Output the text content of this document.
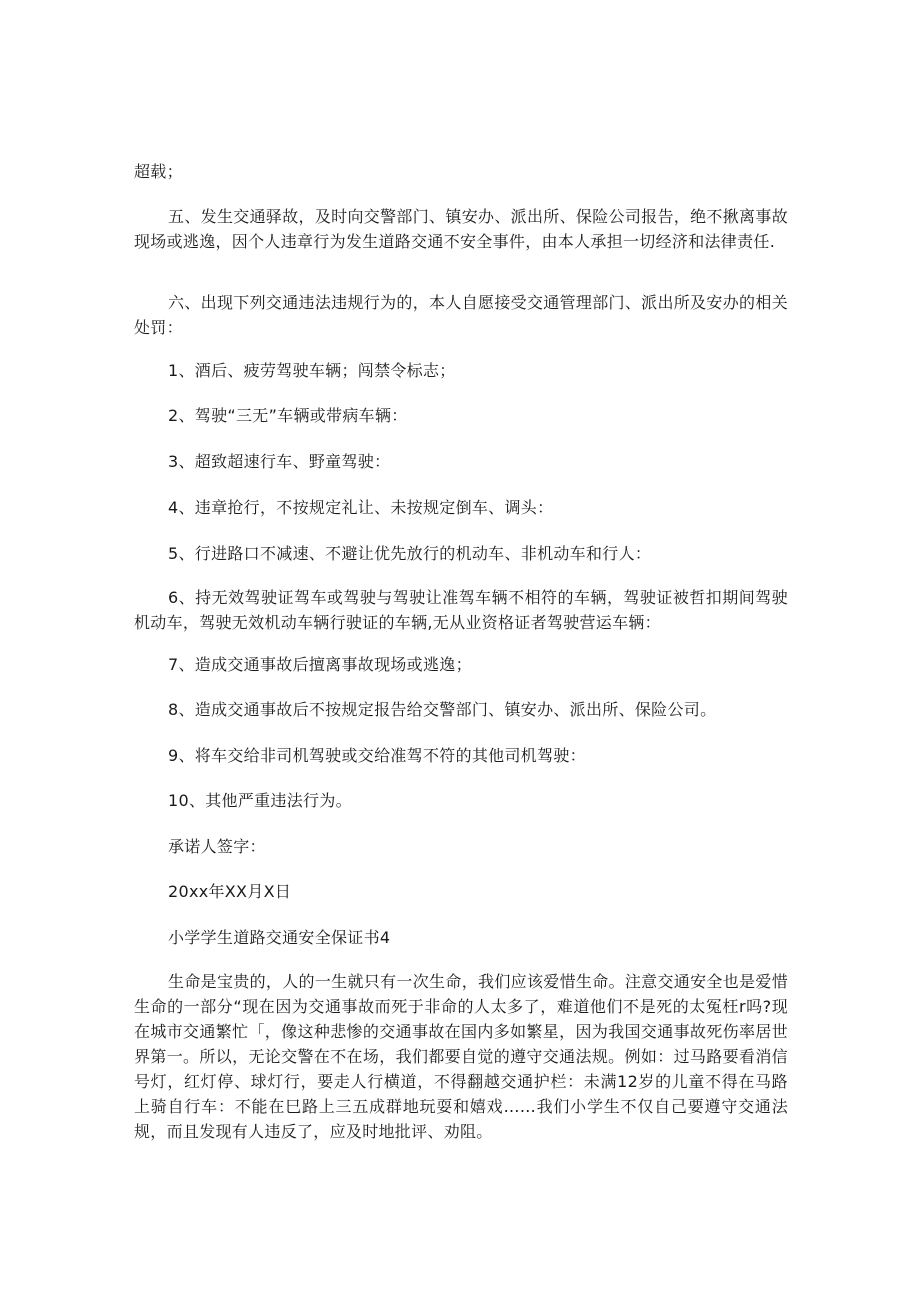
超载；

五、发生交通驿故，及时向交警部门、镇安办、派出所、保险公司报告，绝不揪离事故现场或逃逸，因个人违章行为发生道路交通不安全事件，由本人承担一切经济和法律责任.

六、出现下列交通违法违规行为的，本人自愿接受交通管理部门、派出所及安办的相关处罚：

1、酒后、疲劳驾驶车辆；闯禁令标志；

2、驾驶“三无”车辆或带病车辆：

3、超致超速行车、野童驾驶：

4、违章抢行，不按规定礼让、未按规定倒车、调头：

5、行进路口不减速、不避让优先放行的机动车、非机动车和行人：

6、持无效驾驶证驾车或驾驶与驾驶让准驾车辆不相符的车辆，驾驶证被哲扣期间驾驶机动车，驾驶无效机动车辆行驶证的车辆,无从业资格证者驾驶营运车辆：

7、造成交通事故后擅离事故现场或逃逸；

8、造成交通事故后不按规定报告给交警部门、镇安办、派出所、保险公司。

9、将车交给非司机驾驶或交给准驾不符的其他司机驾驶：

10、其他严重违法行为。

承诺人签字：

20xx年XX月X日

小学学生道路交通安全保证书4

生命是宝贵的，人的一生就只有一次生命，我们应该爱惜生命。注意交通安全也是爱惜生命的一部分“现在因为交通事故而死于非命的人太多了，难道他们不是死的太冤枉r吗?现在城市交通繁忙「，像这种悲惨的交通事故在国内多如繁星，因为我国交通事故死伤率居世界第一。所以，无论交警在不在场，我们都要自觉的遵守交通法规。例如：过马路要看消信号灯，红灯停、球灯行，要走人行横道，不得翻越交通护栏：未满12岁的儿童不得在马路上骑自行车：不能在巳路上三五成群地玩耍和嬉戏……我们小学生不仅自己要遵守交通法规，而且发现有人违反了，应及时地批评、劝阻。
